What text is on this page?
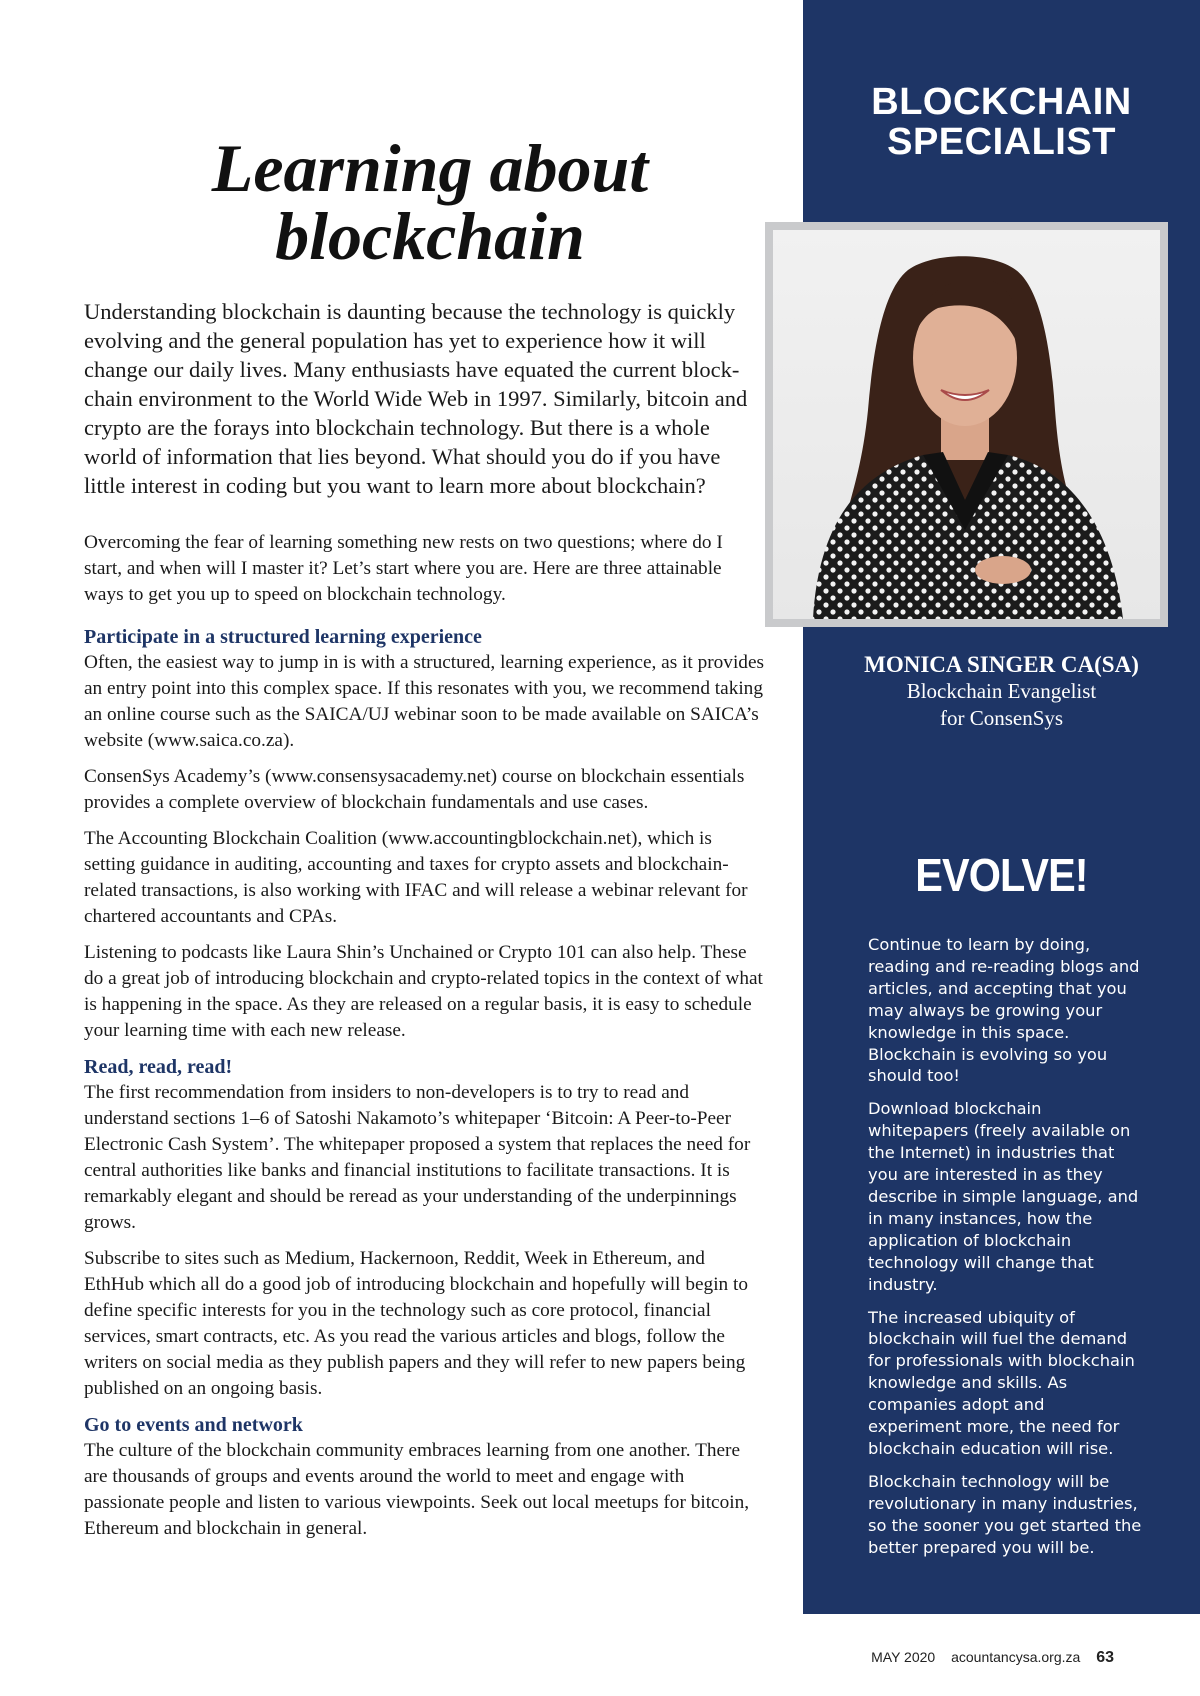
BLOCKCHAIN
SPECIALIST
MONICA SINGER CA(SA)
Blockchain Evangelist
for ConsenSys
EVOLVE!

Continue to learn by doing, reading and re-reading blogs and articles, and accepting that you may always be growing your knowledge in this space. Blockchain is evolving so you should too!

Download blockchain whitepapers (freely available on the Internet) in industries that you are interested in as they describe in simple language, and in many instances, how the application of blockchain technology will change that industry.

The increased ubiquity of blockchain will fuel the demand for professionals with blockchain knowledge and skills. As companies adopt and experiment more, the need for blockchain education will rise.

Blockchain technology will be revolutionary in many industries, so the sooner you get started the better prepared you will be.

Learning about
blockchain

Understanding blockchain is daunting because the technology is quickly evolving and the general population has yet to experience how it will change our daily lives. Many enthusiasts have equated the current block-chain environment to the World Wide Web in 1997. Similarly, bitcoin and crypto are the forays into blockchain technology. But there is a whole world of information that lies beyond. What should you do if you have little interest in coding but you want to learn more about blockchain?

Overcoming the fear of learning something new rests on two questions; where do I start, and when will I master it? Let’s start where you are. Here are three attainable ways to get you up to speed on blockchain technology.

Participate in a structured learning experience
Often, the easiest way to jump in is with a structured, learning experience, as it provides an entry point into this complex space. If this resonates with you, we recommend taking an online course such as the SAICA/UJ webinar soon to be made available on SAICA’s website (www.saica.co.za).

ConsenSys Academy’s (www.consensysacademy.net) course on blockchain essentials provides a complete overview of blockchain fundamentals and use cases.

The Accounting Blockchain Coalition (www.accountingblockchain.net), which is setting guidance in auditing, accounting and taxes for crypto assets and blockchain-related transactions, is also working with IFAC and will release a webinar relevant for chartered accountants and CPAs.

Listening to podcasts like Laura Shin’s Unchained or Crypto 101 can also help. These do a great job of introducing blockchain and crypto-related topics in the context of what is happening in the space. As they are released on a regular basis, it is easy to schedule your learning time with each new release.

Read, read, read!
The first recommendation from insiders to non-developers is to try to read and understand sections 1–6 of Satoshi Nakamoto’s whitepaper ‘Bitcoin: A Peer-to-Peer Electronic Cash System’. The whitepaper proposed a system that replaces the need for central authorities like banks and financial institutions to facilitate transactions. It is remarkably elegant and should be reread as your understanding of the underpinnings grows.

Subscribe to sites such as Medium, Hackernoon, Reddit, Week in Ethereum, and EthHub which all do a good job of introducing blockchain and hopefully will begin to define specific interests for you in the technology such as core protocol, financial services, smart contracts, etc. As you read the various articles and blogs, follow the writers on social media as they publish papers and they will refer to new papers being published on an ongoing basis.

Go to events and network
The culture of the blockchain community embraces learning from one another. There are thousands of groups and events around the world to meet and engage with passionate people and listen to various viewpoints. Seek out local meetups for bitcoin, Ethereum and blockchain in general.

MAY 2020 acountancysa.org.za 63
